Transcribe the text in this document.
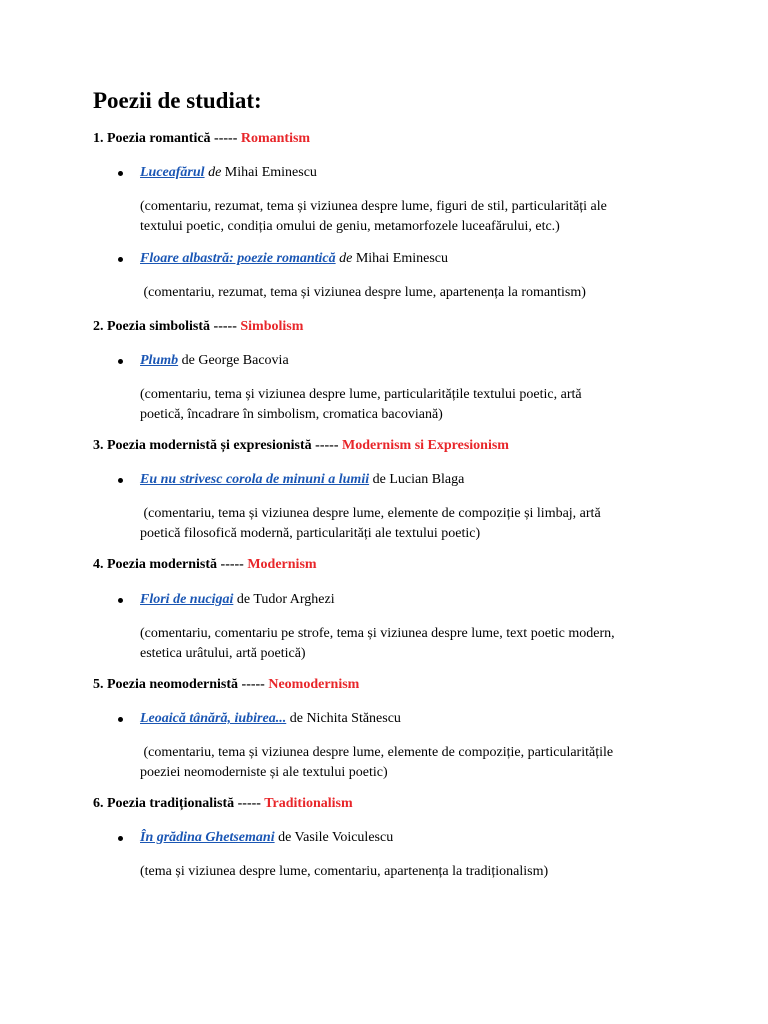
Poezii de studiat:
1. Poezia romantică ----- Romantism
Luceafărul de Mihai Eminescu
(comentariu, rezumat, tema și viziunea despre lume, figuri de stil, particularități ale
textului poetic, condiția omului de geniu, metamorfozele luceafărului, etc.)
Floare albastră: poezie romantică de Mihai Eminescu
(comentariu, rezumat, tema și viziunea despre lume, apartenența la romantism)
2. Poezia simbolistă ----- Simbolism
Plumb de George Bacovia
(comentariu, tema și viziunea despre lume, particularitățile textului poetic, artă
poetică, încadrare în simbolism, cromatica bacoviană)
3. Poezia modernistă și expresionistă ----- Modernism si Expresionism
Eu nu strivesc corola de minuni a lumii de Lucian Blaga
(comentariu, tema și viziunea despre lume, elemente de compoziție și limbaj, artă
poetică filosofică modernă, particularități ale textului poetic)
4. Poezia modernistă ----- Modernism
Flori de nucigai de Tudor Arghezi
(comentariu, comentariu pe strofe, tema și viziunea despre lume, text poetic modern,
estetica urâtului, artă poetică)
5. Poezia neomodernistă ----- Neomodernism
Leoaică tânără, iubirea... de Nichita Stănescu
(comentariu, tema și viziunea despre lume, elemente de compoziție, particularitățile
poeziei neomoderniste și ale textului poetic)
6. Poezia tradiționalistă ----- Traditionalism
În grădina Ghetsemani de Vasile Voiculescu
(tema și viziunea despre lume, comentariu, apartenența la tradiționalism)
